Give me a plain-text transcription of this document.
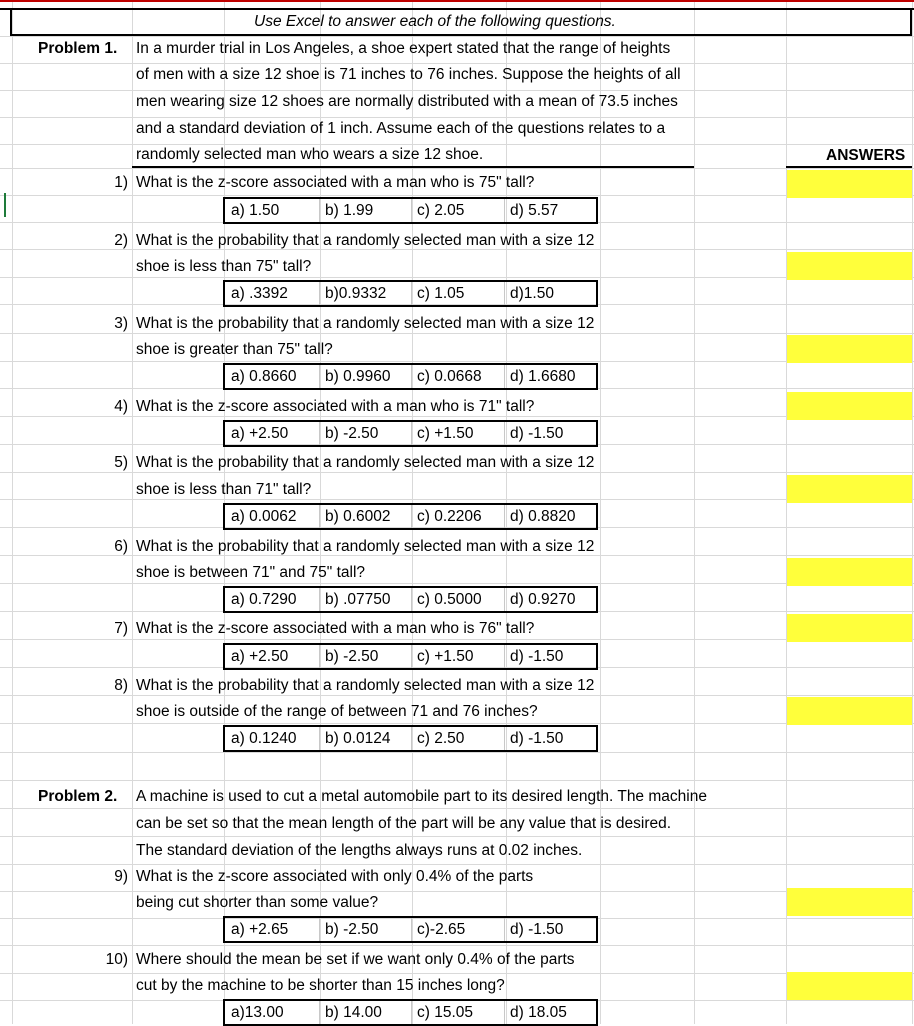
Use Excel to answer each of the following questions.
ANSWERS
Problem 1. In a murder trial in Los Angeles, a shoe expert stated that the range of heights
of men with a size 12 shoe is 71 inches to 76 inches. Suppose the heights of all
men wearing size 12 shoes are normally distributed with a mean of 73.5 inches
and a standard deviation of 1 inch. Assume each of the questions relates to a
randomly selected man who wears a size 12 shoe.
Problem 2. A machine is used to cut a metal automobile part to its desired length. The machine
can be set so that the mean length of the part will be any value that is desired.
The standard deviation of the lengths always runs at 0.02 inches.
1) What is the z-score associated with a man who is 75" tall?
a) 1.50	b) 1.99	c) 2.05	d) 5.57
2) What is the probability that a randomly selected man with a size 12
shoe is less than 75" tall?
a) .3392 b)0.9332 c) 1.05	d)1.50
3) What is the probability that a randomly selected man with a size 12
shoe is greater than 75" tall?
a) 0.8660 b) 0.9960 c) 0.0668 d) 1.6680
4) What is the z-score associated with a man who is 71" tall?
a) +2.50 b) -2.50 c) +1.50 d) -1.50
5) What is the probability that a randomly selected man with a size 12
shoe is less than 71" tall?
a) 0.0062 b) 0.6002 c) 0.2206 d) 0.8820
6) What is the probability that a randomly selected man with a size 12
shoe is between 71" and 75" tall?
a) 0.7290 b) .07750 c) 0.5000 d) 0.9270
7) What is the z-score associated with a man who is 76" tall?
a) +2.50 b) -2.50 c) +1.50 d) -1.50
8) What is the probability that a randomly selected man with a size 12
shoe is outside of the range of between 71 and 76 inches?
a) 0.1240 b) 0.0124 c) 2.50	d) -1.50
9) What is the z-score associated with only 0.4% of the parts
being cut shorter than some value?
a) +2.65 b) -2.50 c)-2.65	d) -1.50
10) Where should the mean be set if we want only 0.4% of the parts
cut by the machine to be shorter than 15 inches long?
a)13.00	b) 14.00 c) 15.05 d) 18.05
